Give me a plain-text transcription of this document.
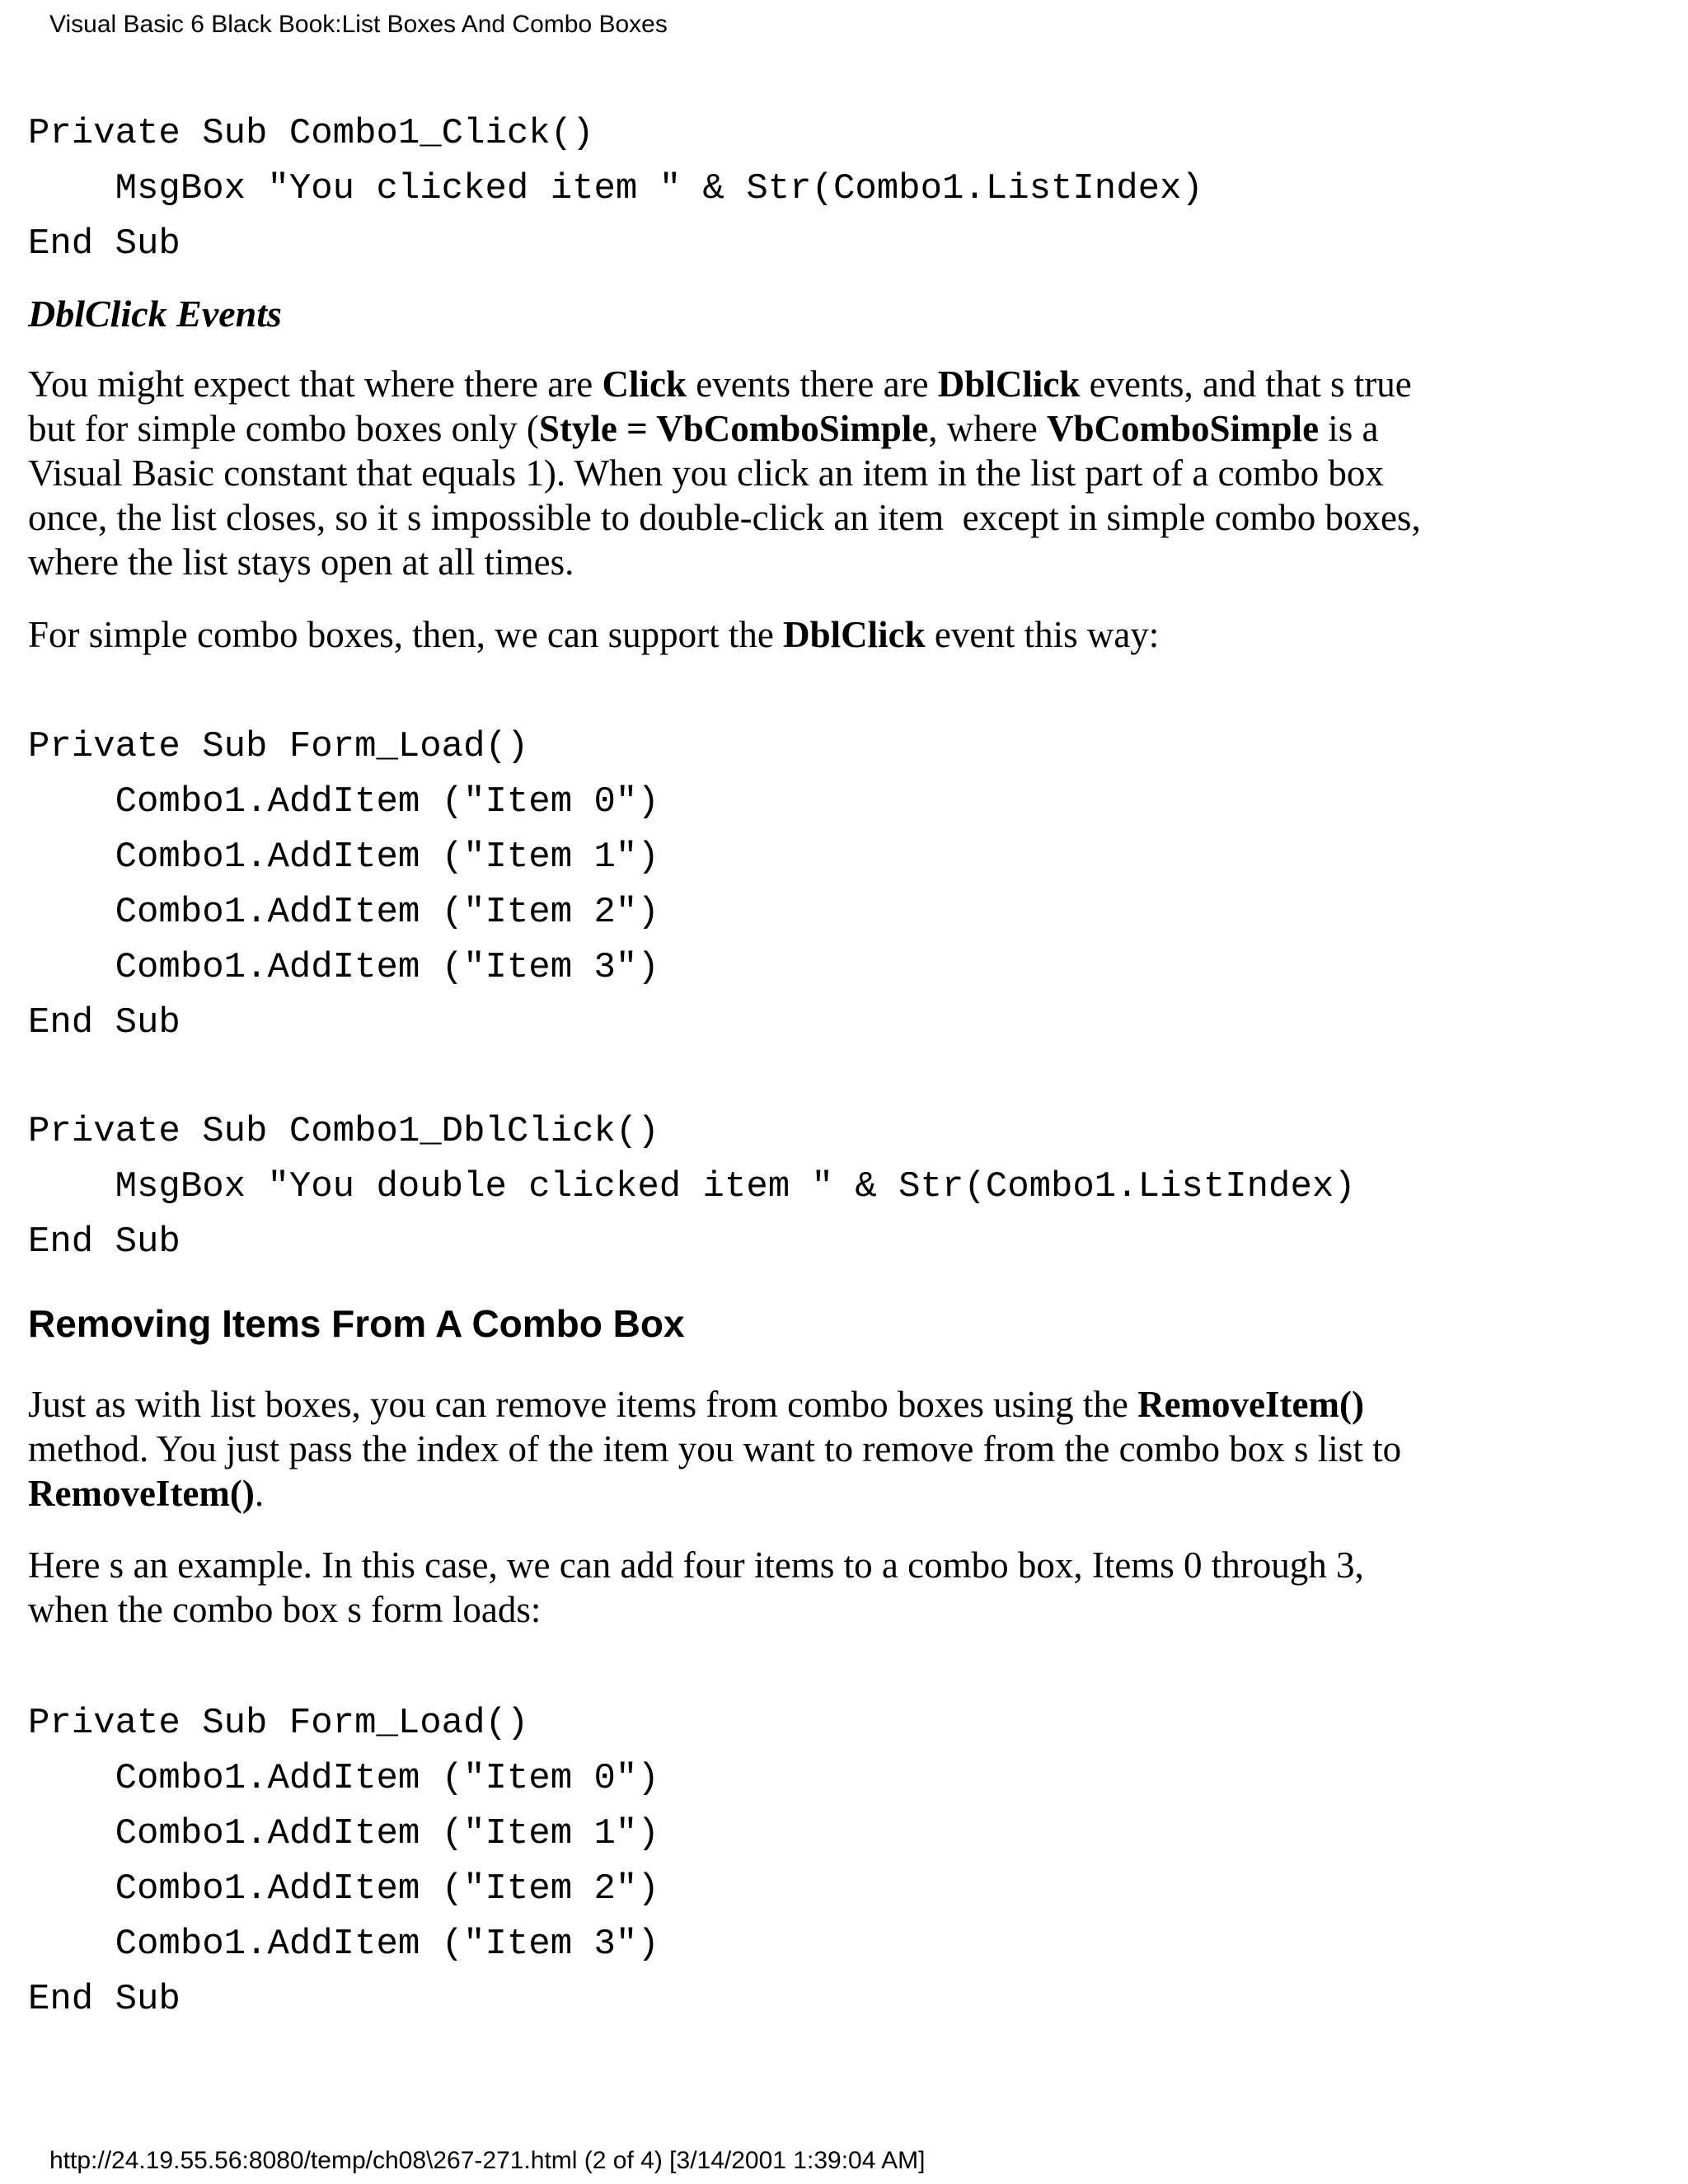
Visual Basic 6 Black Book:List Boxes And Combo Boxes
Private Sub Combo1_Click()
MsgBox "You clicked item " & Str(Combo1.ListIndex)
End Sub
DblClick Events

You might expect that where there are Click events there are DblClick events, and that s true but for simple combo boxes only (Style = VbComboSimple, where VbComboSimple is a Visual Basic constant that equals 1). When you click an item in the list part of a combo box once, the list closes, so it s impossible to double-click an item  except in simple combo boxes, where the list stays open at all times.

For simple combo boxes, then, we can support the DblClick event this way:

Private Sub Form_Load()
Combo1.AddItem ("Item 0")
Combo1.AddItem ("Item 1")
Combo1.AddItem ("Item 2")
Combo1.AddItem ("Item 3")
End Sub
Private Sub Combo1_DblClick()
MsgBox "You double clicked item " & Str(Combo1.ListIndex)
End Sub
Removing Items From A Combo Box

Just as with list boxes, you can remove items from combo boxes using the RemoveItem() method. You just pass the index of the item you want to remove from the combo box s list to RemoveItem().

Here s an example. In this case, we can add four items to a combo box, Items 0 through 3, when the combo box s form loads:

Private Sub Form_Load()
Combo1.AddItem ("Item 0")
Combo1.AddItem ("Item 1")
Combo1.AddItem ("Item 2")
Combo1.AddItem ("Item 3")
End Sub
http://24.19.55.56:8080/temp/ch08\267-271.html (2 of 4) [3/14/2001 1:39:04 AM]
